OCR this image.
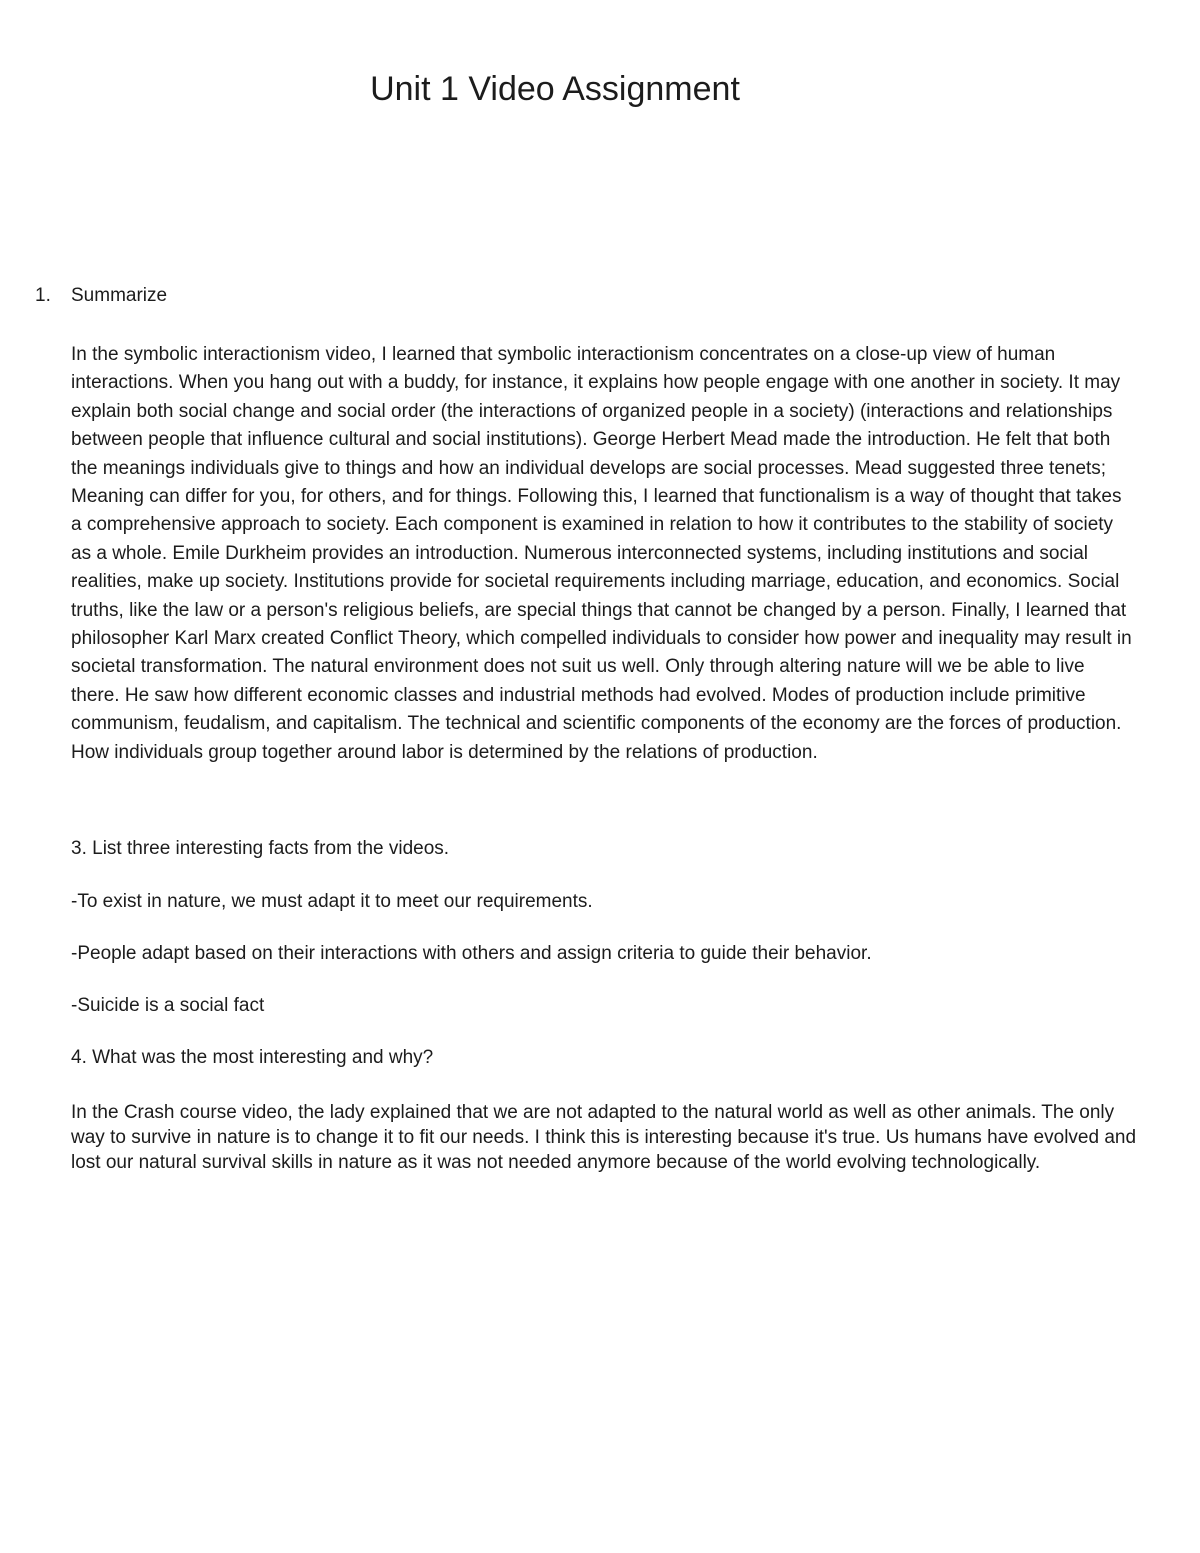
Unit 1 Video Assignment
1. Summarize

In the symbolic interactionism video, I learned that symbolic interactionism concentrates on a close-up view of human interactions. When you hang out with a buddy, for instance, it explains how people engage with one another in society. It may explain both social change and social order (the interactions of organized people in a society) (interactions and relationships between people that influence cultural and social institutions). George Herbert Mead made the introduction. He felt that both the meanings individuals give to things and how an individual develops are social processes. Mead suggested three tenets; Meaning can differ for you, for others, and for things. Following this, I learned that functionalism is a way of thought that takes a comprehensive approach to society. Each component is examined in relation to how it contributes to the stability of society as a whole. Emile Durkheim provides an introduction. Numerous interconnected systems, including institutions and social realities, make up society. Institutions provide for societal requirements including marriage, education, and economics. Social truths, like the law or a person's religious beliefs, are special things that cannot be changed by a person. Finally, I learned that philosopher Karl Marx created Conflict Theory, which compelled individuals to consider how power and inequality may result in societal transformation. The natural environment does not suit us well. Only through altering nature will we be able to live there. He saw how different economic classes and industrial methods had evolved. Modes of production include primitive communism, feudalism, and capitalism. The technical and scientific components of the economy are the forces of production. How individuals group together around labor is determined by the relations of production.

3. List three interesting facts from the videos.

-To exist in nature, we must adapt it to meet our requirements.

-People adapt based on their interactions with others and assign criteria to guide their behavior.

-Suicide is a social fact

4. What was the most interesting and why?

In the Crash course video, the lady explained that we are not adapted to the natural world as well as other animals. The only way to survive in nature is to change it to fit our needs. I think this is interesting because it's true. Us humans have evolved and lost our natural survival skills in nature as it was not needed anymore because of the world evolving technologically.
